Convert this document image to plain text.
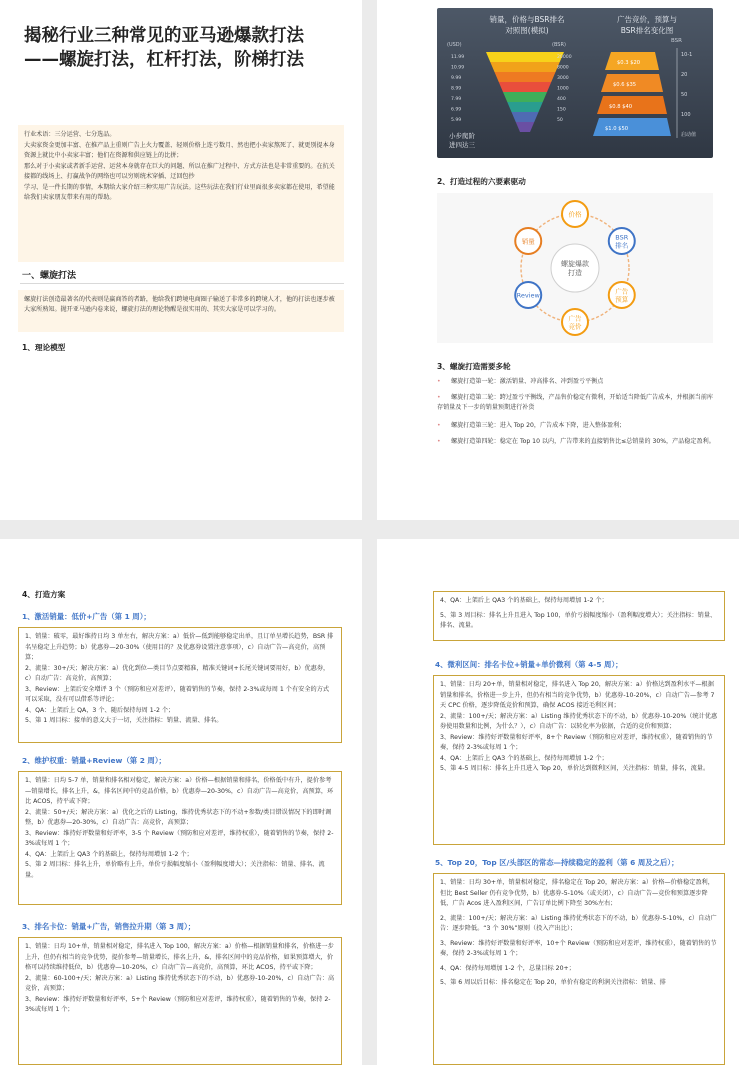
揭秘行业三种常见的亚马逊爆款打法——螺旋打法，杠杆打法，阶梯打法

行业术语：三分运营、七分选品。

大卖家资金更加丰富、在推产品上重则广告上火力覆盖、轻则价格上连亏数月、然也把小卖家熬死了、就更别提本身资源上就比中小卖家丰富；他们在资源和供应链上的比拼；

那么对于小卖家或者新手运营、运营本身就存在巨大的问题、所以在推广过程中、方式方法也是非常重要的。在抗关接都的线场上、打赢战争的网络也可以穷则统术穿插、迂回包抄

学习、是一件长期的事情，本期给大家介绍三种实用广告玩法。这些玩法在我们行业里面很多卖家都在使用，希望能给我们卖家朋友带来有用的帮助。

一、螺旋打法
螺旋打法创造最著名的代表则是赢商答的者路，他给我们跨境电商圈子输送了非常多的跨境人才，他的打法也逐步被大家所熟知。抛开亚马逊内卷来说，螺旋打法的理论物醒是很实用的、其实大家是可以学习的。
1、理论模型
销量，价格与BSR排名
对照图(模拟)
广告竞价，预算与
BSR排名变化图
(USD)	(BSR)
BSR
11.99
10.99
9.99
8.99
7.99
6.99
5.99
20000
8000
3000
1000
400
150
50
$0.3 $20
$0.6 $35
$0.8 $40
$1.0 $50
10-1
20
50
100
启动值
小步爬阶
进四达三
2、打造过程的六要素驱动
螺旋爆款
打造
价格
BSR
排名
广告
预算
广告
竞价
Review
销量
3、螺旋打造需要多轮
• 螺旋打造第一轮：激活销量、冲高排名、冲到盈亏平衡点
• 螺旋打造第二轮：跨过盈亏平衡线，产品售价稳定有微利，开始适当降低广告成本，并根据当前库存销量及下一步的销量预期进行补货
• 螺旋打造第三轮：进入 Top 20，广告成本下降，进入整体盈利；
• 螺旋打造第四轮：稳定在 Top 10 以内，广告带来的直接销售比≤总销量的 30%，产品稳定盈利。
4、打造方案
1、激活销量：低价+广告（第 1 周）；

1、销量：破零，最好维持日均 3 单左右，解决方案：a）低价—低到能够稳定出单，且订单呈增长趋势，BSR 排名呈稳定上升趋势；b）优惠券—20-30%（使用目的？及优惠券设置注意事项），c）自动广告—高竞价，高预算；

2、流量：30+/天；解决方案：a）优化到位—类目节点要精准，精准关键词+长尾关键词要用好，b）优惠券，c）自动广告：高竞价，高预算；

3、Review：上架后安全增评 3 个（预防和应对差评），随着销售的节奏，保持 2-3%或每周 1 个有安全的方式可以采取，没有可以借系等评论；

4、QA：上架后上 QA，3 个、随后保持每周 1-2 个；

5、第 1 周目标：接单的意义大于一切，关注指标：销量、流量、排名。

2、维护权重：销量+Review（第 2 周）；

1、销量：日均 5-7 单，销量和排名相对稳定，解决方案：a）价格—根据销量和排名，价格低中有升，提价参考—销量增长，排名上升，&，排名区间中的竞品价格，b）优惠券—20-30%，c）自动广告—高竞价，高预算，环比 ACOS，持平或下降；

2、流量：50+/天；解决方案：a）优化之后的 Listing，维持优秀状态下的不动+参数/类目错误情况下的即时调整，b）优惠券—20-30%，c）自动广告：高竞价，高预算；

3、Review：维持好评数量和好评率，3-5 个 Review（预防和应对差评，维持权重），随着销售的节奏，保持 2-3%或每周 1 个；

4、QA：上架后上 QA3 个的基础上，保持每周增加 1-2 个；

5、第 2 周目标：排名上升，单价略有上升，单价亏损幅度缩小（盈利幅度增大）；关注指标：销量、排名、流量。

3、排名卡位：销量+广告，销售拉升期（第 3 周）；

1、销量：日均 10+单，销量相对稳定，排名进入 Top 100，解决方案：a）价格—根据销量和排名，价格进一步上升，但仍有相当的竞争优势，提价参考—销量增长，排名上升，&，排名区间中的竞品价格，如果预算增大，价格可以持续维持低位，b）优惠券—10-20%，c）自动广告—高竞价，高预算，环比 ACOS，持平或下降；

2、流量：60-100+/天；解决方案：a）Listing 维持优秀状态下的不动，b）优惠券-10-20%，c）自动广告：高竞价，高预算；

3、Review：维持好评数量和好评率，5+个 Review（预防和应对差评，维持权重），随着销售的节奏，保持 2-3%或每周 1 个；

4、QA：上架后上 QA3 个的基础上，保持每周增加 1-2 个；

5、第 3 周目标：排名上升且进入 Top 100，单价亏损幅度缩小（盈利幅度增大）；关注指标：销量、排名、流量。

4、微利区间：排名卡位+销量+单价微利（第 4-5 周）；

1、销量：日均 20+单，销量相对稳定，排名进入 Top 20，解决方案：a）价格达到盈利水平—根据销量和排名，价格进一步上升，但仍有相当的竞争优势，b）优惠券-10-20%，c）自动广告—参考 7 天 CPC 价格，逐步降低竞价和预算，确保 ACOS 接近毛利区间；

2、流量：100+/天；解决方案：a）Listing 维持优秀状态下的不动，b）优惠券-10-20%（统计优惠券使用数量和比例，为什么？），c）自动广告：以转化率为依据，合适的竞价和预算；

3、Review：维持好评数量和好评率，8+个 Review（预防和应对差评，维持权重），随着销售的节奏，保持 2-3%或每周 1 个；

4、QA：上架后上 QA3 个的基础上，保持每周增加 1-2 个；

5、第 4-5 周目标：排名上升且进入 Top 20，单价达到微利区间，关注指标：销量，排名，流量。

5、Top 20，Top 区/头部区的常态—持续稳定的盈利（第 6 周及之后）；

1、销量：日均 30+单，销量相对稳定，排名稳定在 Top 20，解决方案：a）价格—价格稳定盈利，但比 Best Seller 仍有竞争优势，b）优惠券-5-10%（或关闭），c）自动广告—竞价和预算逐步降低，广告 Acos 进入盈利区间，广告订单比例下降至 30%左右；

2、流量：100+/天；解决方案：a）Listing 维持优秀状态下的不动，b）优惠券-5-10%，c）自动广告：逐步降低。“3 个 30%”原则（投入产出比）；

3、Review：维持好评数量和好评率，10+个 Review（预防和应对差评，维持权重），随着销售的节奏，保持 2-3%或每周 1 个；

4、QA：保持每周增加 1-2 个，总量目标 20+；

5、第 6 周以后目标：排名稳定在 Top 20，单价有稳定的利润关注指标：销量、排
